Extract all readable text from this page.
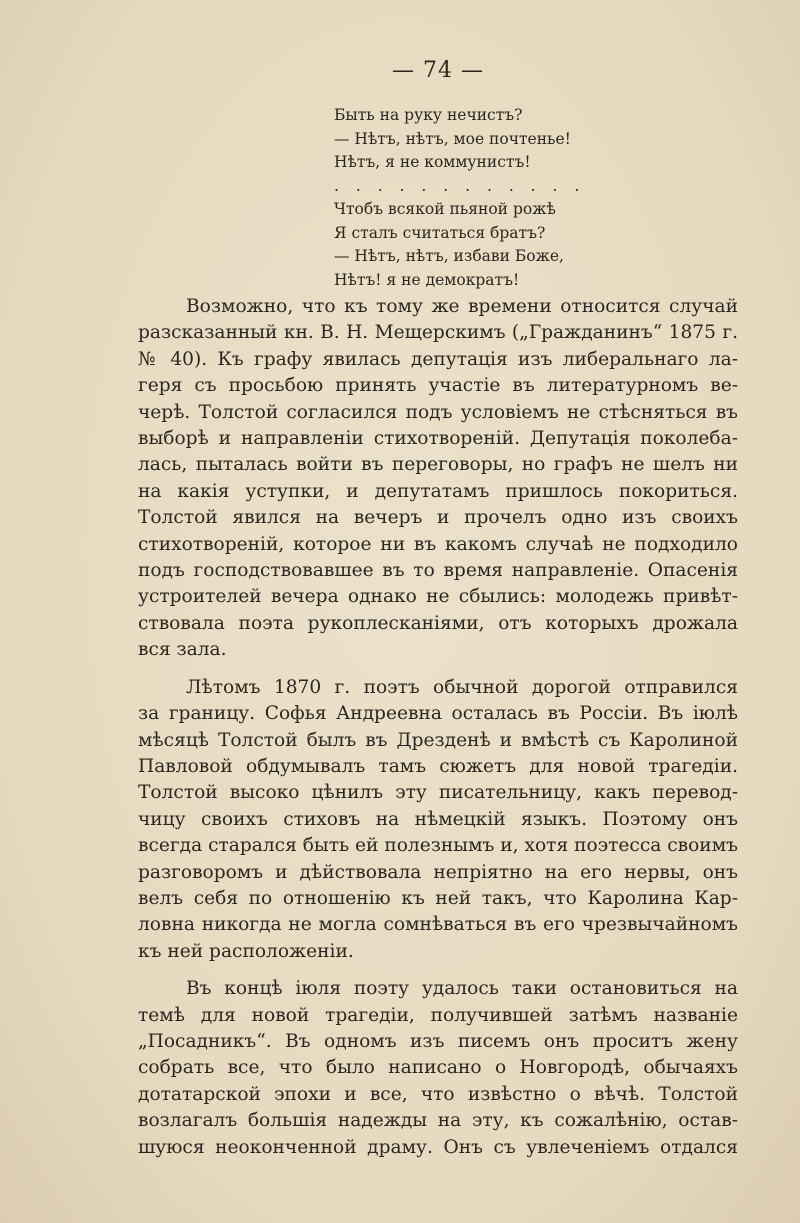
— 74 —
Быть на руку нечистъ?
— Нѣтъ, нѣтъ, мое почтенье!
Нѣтъ, я не коммунистъ!
. . . . . . . . . . . .
Чтобъ всякой пьяной рожѣ
Я сталъ считаться братъ?
— Нѣтъ, нѣтъ, избави Боже,
Нѣтъ! я не демократъ!
Возможно, что къ тому же времени относится случай
разсказанный кн. В. Н. Мещерскимъ („Гражданинъ“ 1875 г.
№ 40). Къ графу явилась депутація изъ либеральнаго ла-
геря съ просьбою принять участіе въ литературномъ ве-
черѣ. Толстой согласился подъ условіемъ не стѣсняться въ
выборѣ и направленіи стихотвореній. Депутація поколеба-
лась, пыталась войти въ переговоры, но графъ не шелъ ни
на какія уступки, и депутатамъ пришлось покориться.
Толстой явился на вечеръ и прочелъ одно изъ своихъ
стихотвореній, которое ни въ какомъ случаѣ не подходило
подъ господствовавшее въ то время направленіе. Опасенія
устроителей вечера однако не сбылись: молодежь привѣт-
ствовала поэта рукоплесканіями, отъ которыхъ дрожала
вся зала.
Лѣтомъ 1870 г. поэтъ обычной дорогой отправился
за границу. Софья Андреевна осталась въ Россіи. Въ іюлѣ
мѣсяцѣ Толстой былъ въ Дрезденѣ и вмѣстѣ съ Каролиной
Павловой обдумывалъ тамъ сюжетъ для новой трагедіи.
Толстой высоко цѣнилъ эту писательницу, какъ перевод-
чицу своихъ стиховъ на нѣмецкій языкъ. Поэтому онъ
всегда старался быть ей полезнымъ и, хотя поэтесса своимъ
разговоромъ и дѣйствовала непріятно на его нервы, онъ
велъ себя по отношенію къ ней такъ, что Каролина Кар-
ловна никогда не могла сомнѣваться въ его чрезвычайномъ
къ ней расположеніи.
Въ концѣ іюля поэту удалось таки остановиться на
темѣ для новой трагедіи, получившей затѣмъ названіе
„Посадникъ“. Въ одномъ изъ писемъ онъ проситъ жену
собрать все, что было написано о Новгородѣ, обычаяхъ
дотатарской эпохи и все, что извѣстно о вѣчѣ. Толстой
возлагалъ большія надежды на эту, къ сожалѣнію, остав-
шуюся неоконченной драму. Онъ съ увлеченіемъ отдался
